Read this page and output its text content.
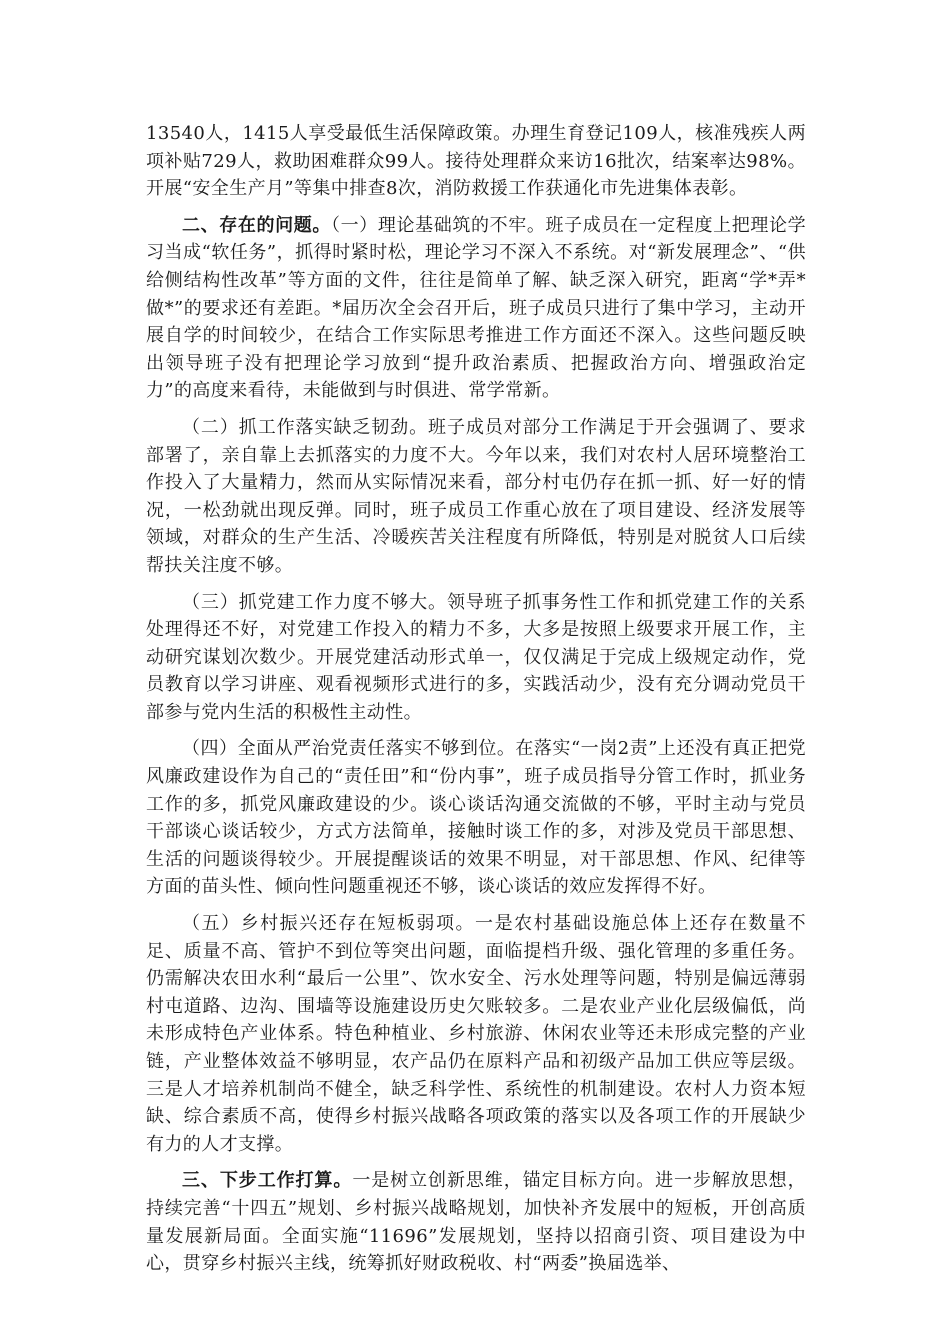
13540人，1415人享受最低生活保障政策。办理生育登记109人，核准残疾人两项补贴729人，救助困难群众99人。接待处理群众来访16批次，结案率达98%。开展“安全生产月”等集中排查8次，消防救援工作获通化市先进集体表彰。

二、存在的问题。（一）理论基础筑的不牢。班子成员在一定程度上把理论学习当成“软任务”，抓得时紧时松，理论学习不深入不系统。对“新发展理念”、“供给侧结构性改革”等方面的文件，往往是简单了解、缺乏深入研究，距离“学*弄*做*”的要求还有差距。*届历次全会召开后，班子成员只进行了集中学习，主动开展自学的时间较少，在结合工作实际思考推进工作方面还不深入。这些问题反映出领导班子没有把理论学习放到“提升政治素质、把握政治方向、增强政治定力”的高度来看待，未能做到与时俱进、常学常新。

（二）抓工作落实缺乏韧劲。班子成员对部分工作满足于开会强调了、要求部署了，亲自靠上去抓落实的力度不大。今年以来，我们对农村人居环境整治工作投入了大量精力，然而从实际情况来看，部分村屯仍存在抓一抓、好一好的情况，一松劲就出现反弹。同时，班子成员工作重心放在了项目建设、经济发展等领域，对群众的生产生活、冷暖疾苦关注程度有所降低，特别是对脱贫人口后续帮扶关注度不够。

（三）抓党建工作力度不够大。领导班子抓事务性工作和抓党建工作的关系处理得还不好，对党建工作投入的精力不多，大多是按照上级要求开展工作，主动研究谋划次数少。开展党建活动形式单一，仅仅满足于完成上级规定动作，党员教育以学习讲座、观看视频形式进行的多，实践活动少，没有充分调动党员干部参与党内生活的积极性主动性。

（四）全面从严治党责任落实不够到位。在落实“一岗2责”上还没有真正把党风廉政建设作为自己的“责任田”和“份内事”，班子成员指导分管工作时，抓业务工作的多，抓党风廉政建设的少。谈心谈话沟通交流做的不够，平时主动与党员干部谈心谈话较少，方式方法简单，接触时谈工作的多，对涉及党员干部思想、生活的问题谈得较少。开展提醒谈话的效果不明显，对干部思想、作风、纪律等方面的苗头性、倾向性问题重视还不够，谈心谈话的效应发挥得不好。

（五）乡村振兴还存在短板弱项。一是农村基础设施总体上还存在数量不足、质量不高、管护不到位等突出问题，面临提档升级、强化管理的多重任务。仍需解决农田水利“最后一公里”、饮水安全、污水处理等问题，特别是偏远薄弱村屯道路、边沟、围墙等设施建设历史欠账较多。二是农业产业化层级偏低，尚未形成特色产业体系。特色种植业、乡村旅游、休闲农业等还未形成完整的产业链，产业整体效益不够明显，农产品仍在原料产品和初级产品加工供应等层级。三是人才培养机制尚不健全，缺乏科学性、系统性的机制建设。农村人力资本短缺、综合素质不高，使得乡村振兴战略各项政策的落实以及各项工作的开展缺少有力的人才支撑。

三、下步工作打算。一是树立创新思维，锚定目标方向。进一步解放思想，持续完善“十四五”规划、乡村振兴战略规划，加快补齐发展中的短板，开创高质量发展新局面。全面实施“11696”发展规划，坚持以招商引资、项目建设为中心，贯穿乡村振兴主线，统筹抓好财政税收、村“两委”换届选举、
